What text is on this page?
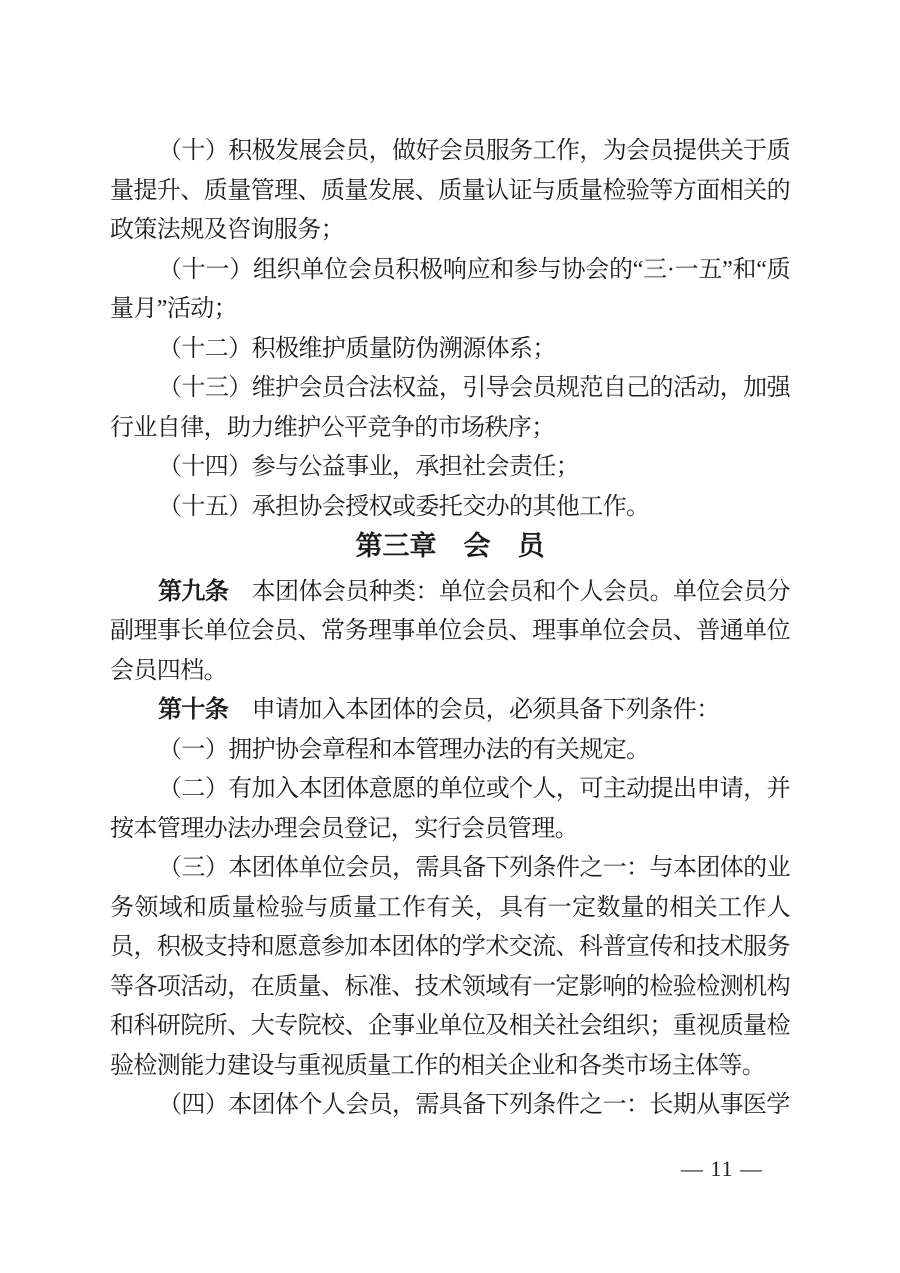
（十）积极发展会员，做好会员服务工作，为会员提供关于质量提升、质量管理、质量发展、质量认证与质量检验等方面相关的政策法规及咨询服务；

（十一）组织单位会员积极响应和参与协会的“三·一五”和“质量月”活动；

（十二）积极维护质量防伪溯源体系；

（十三）维护会员合法权益，引导会员规范自己的活动，加强行业自律，助力维护公平竞争的市场秩序；

（十四）参与公益事业，承担社会责任；

（十五）承担协会授权或委托交办的其他工作。

第三章　会　员

第九条　本团体会员种类：单位会员和个人会员。单位会员分副理事长单位会员、常务理事单位会员、理事单位会员、普通单位会员四档。

第十条　申请加入本团体的会员，必须具备下列条件：

（一）拥护协会章程和本管理办法的有关规定。

（二）有加入本团体意愿的单位或个人，可主动提出申请，并按本管理办法办理会员登记，实行会员管理。

（三）本团体单位会员，需具备下列条件之一：与本团体的业务领域和质量检验与质量工作有关，具有一定数量的相关工作人员，积极支持和愿意参加本团体的学术交流、科普宣传和技术服务等各项活动，在质量、标准、技术领域有一定影响的检验检测机构和科研院所、大专院校、企事业单位及相关社会组织；重视质量检验检测能力建设与重视质量工作的相关企业和各类市场主体等。

（四）本团体个人会员，需具备下列条件之一：长期从事医学

— 11 —
